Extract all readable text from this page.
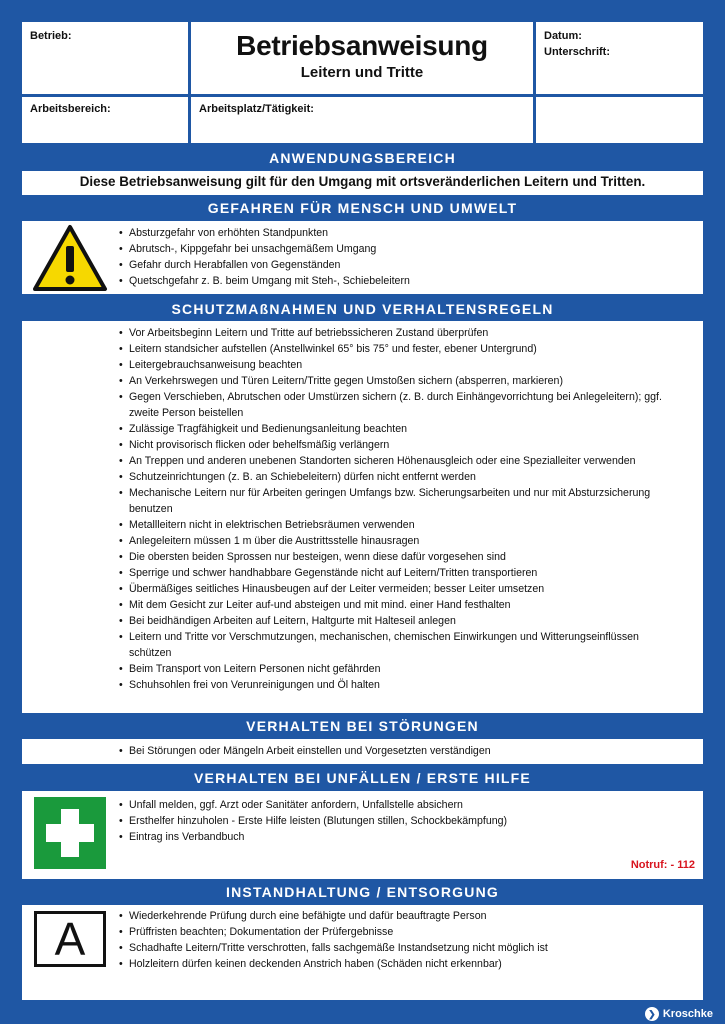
Betrieb:	Betriebsanweisung
Leitern und Tritte
Datum:
Unterschrift:
Arbeitsbereich:	Arbeitsplatz/Tätigkeit:
ANWENDUNGSBEREICH
Diese Betriebsanweisung gilt für den Umgang mit ortsveränderlichen Leitern und Tritten.
GEFAHREN FÜR MENSCH UND UMWELT
• Absturzgefahr von erhöhten Standpunkten
• Abrutsch-, Kippgefahr bei unsachgemäßem Umgang
• Gefahr durch Herabfallen von Gegenständen
• Quetschgefahr z. B. beim Umgang mit Steh-, Schiebeleitern
SCHUTZMAßNAHMEN UND VERHALTENSREGELN
• Vor Arbeitsbeginn Leitern und Tritte auf betriebssicheren Zustand überprüfen
• Leitern standsicher aufstellen (Anstellwinkel 65° bis 75° und fester, ebener Untergrund)
• Leitergebrauchsanweisung beachten
• An Verkehrswegen und Türen Leitern/Tritte gegen Umstoßen sichern (absperren, markieren)
• Gegen Verschieben, Abrutschen oder Umstürzen sichern (z. B. durch Einhängevorrichtung bei Anlegeleitern); ggf. zweite Person beistellen
• Zulässige Tragfähigkeit und Bedienungsanleitung beachten
• Nicht provisorisch flicken oder behelfsmäßig verlängern
• An Treppen und anderen unebenen Standorten sicheren Höhenausgleich oder eine Spezialleiter verwenden
• Schutzeinrichtungen (z. B. an Schiebeleitern) dürfen nicht entfernt werden
• Mechanische Leitern nur für Arbeiten geringen Umfangs bzw. Sicherungsarbeiten und nur mit Absturzsicherung benutzen
• Metallleitern nicht in elektrischen Betriebsräumen verwenden
• Anlegeleitern müssen 1 m über die Austrittsstelle hinausragen
• Die obersten beiden Sprossen nur besteigen, wenn diese dafür vorgesehen sind
• Sperrige und schwer handhabbare Gegenstände nicht auf Leitern/Tritten transportieren
• Übermäßiges seitliches Hinausbeugen auf der Leiter vermeiden; besser Leiter umsetzen
• Mit dem Gesicht zur Leiter auf-und absteigen und mit mind. einer Hand festhalten
• Bei beidhändigen Arbeiten auf Leitern, Haltgurte mit Halteseil anlegen
• Leitern und Tritte vor Verschmutzungen, mechanischen, chemischen Einwirkungen und Witterungseinflüssen schützen
• Beim Transport von Leitern Personen nicht gefährden
• Schuhsohlen frei von Verunreinigungen und Öl halten
VERHALTEN BEI STÖRUNGEN
• Bei Störungen oder Mängeln Arbeit einstellen und Vorgesetzten verständigen
VERHALTEN BEI UNFÄLLEN / ERSTE HILFE
• Unfall melden, ggf. Arzt oder Sanitäter anfordern, Unfallstelle absichern
• Ersthelfer hinzuholen - Erste Hilfe leisten (Blutungen stillen, Schockbekämpfung)
• Eintrag ins Verbandbuch
Notruf: - 112
INSTANDHALTUNG / ENTSORGUNG
A
•	Wiederkehrende Prüfung durch eine befähigte und dafür beauftragte Person
• Prüffristen beachten; Dokumentation der Prüfergebnisse
• Schadhafte Leitern/Tritte verschrotten, falls sachgemäße Instandsetzung nicht möglich ist
• Holzleitern dürfen keinen deckenden Anstrich haben (Schäden nicht erkennbar)
❯ Kroschke
